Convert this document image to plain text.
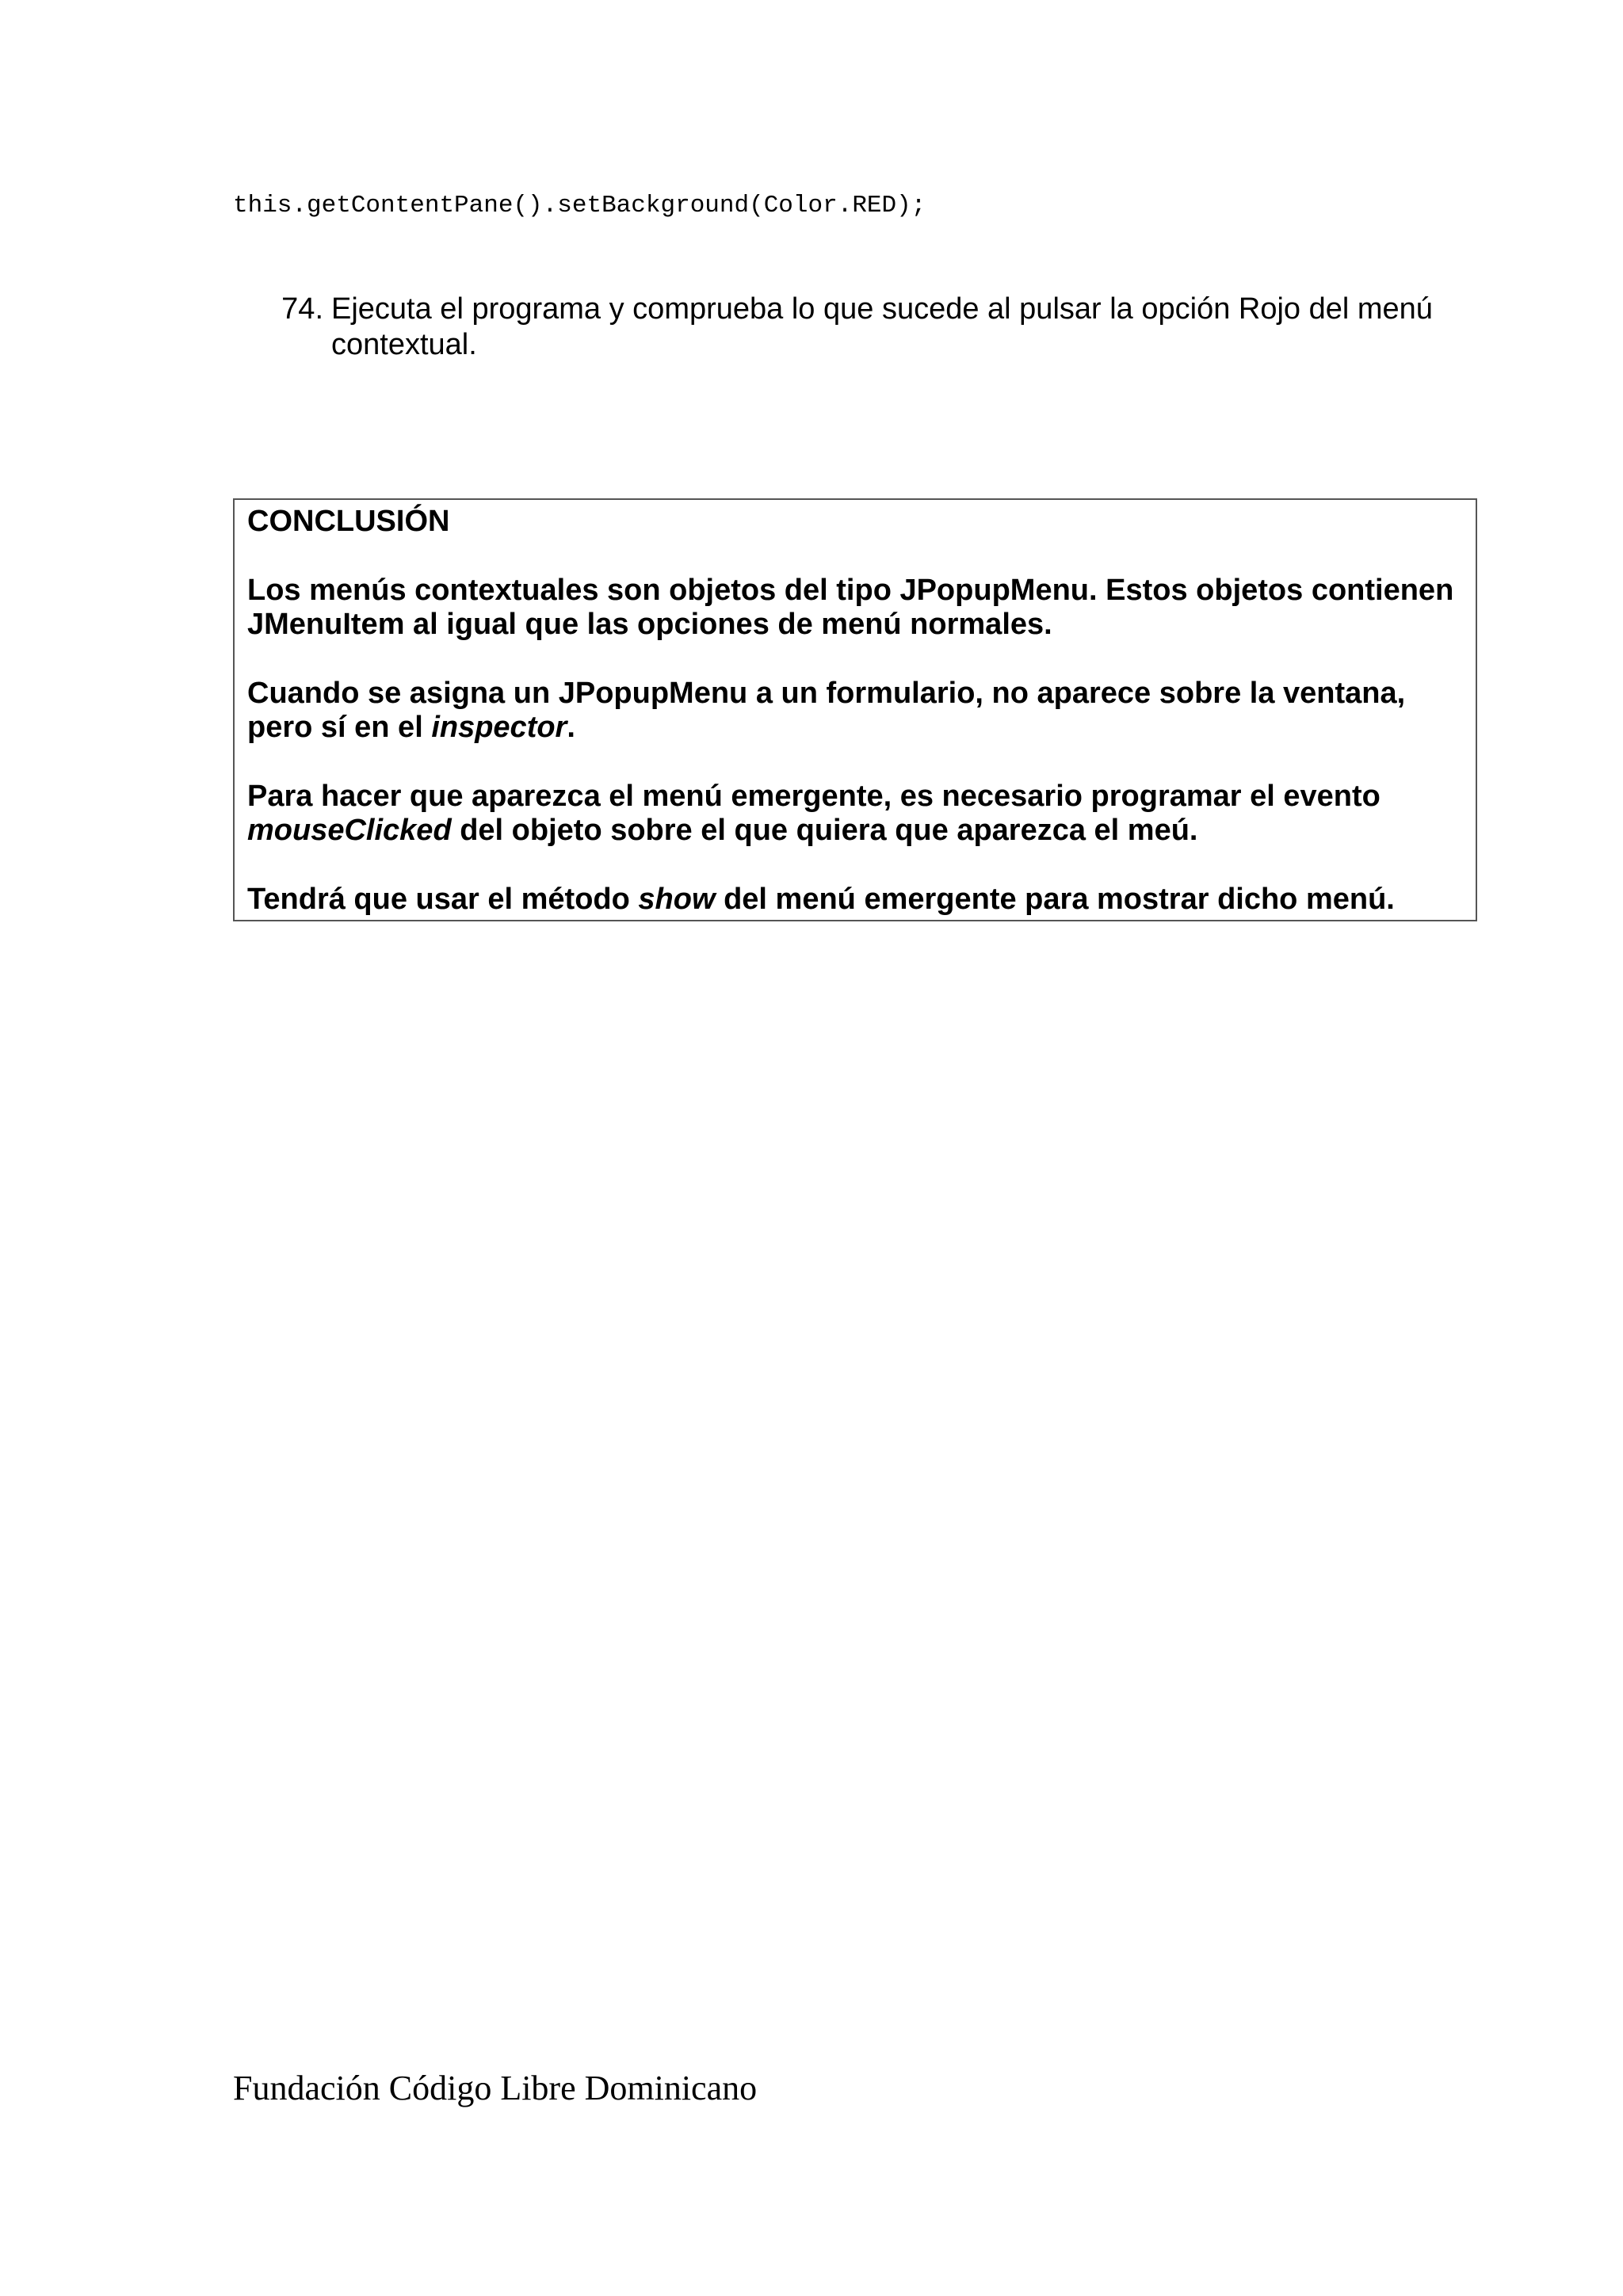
this.getContentPane().setBackground(Color.RED);
74. Ejecuta el programa y comprueba lo que sucede al pulsar la opción Rojo del menú
contextual.

CONCLUSIÓN

Los menús contextuales son objetos del tipo JPopupMenu. Estos objetos contienen
JMenuItem al igual que las opciones de menú normales.

Cuando se asigna un JPopupMenu a un formulario, no aparece sobre la ventana,
pero sí en el inspector.

Para hacer que aparezca el menú emergente, es necesario programar el evento
mouseClicked del objeto sobre el que quiera que aparezca el meú.

Tendrá que usar el método show del menú emergente para mostrar dicho menú.

Fundación Código Libre Dominicano
